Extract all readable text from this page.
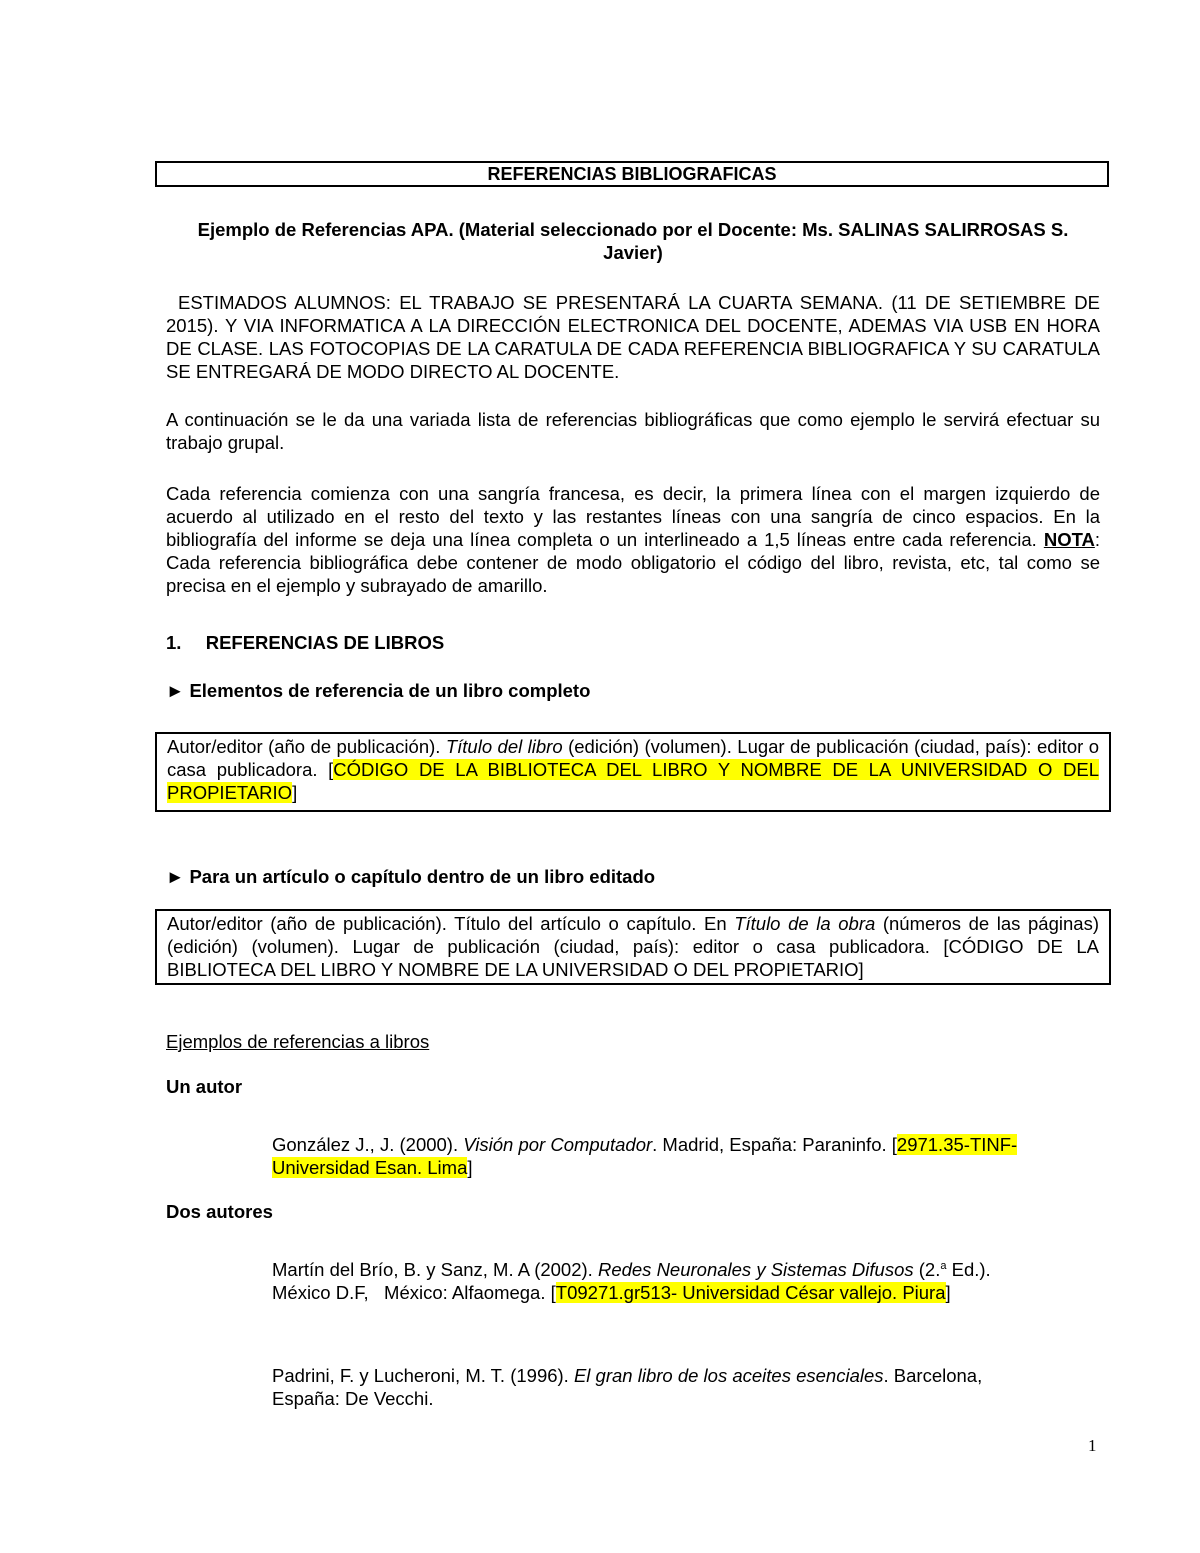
REFERENCIAS BIBLIOGRAFICAS
Ejemplo de Referencias APA. (Material seleccionado por el Docente: Ms. SALINAS SALIRROSAS S. Javier)
ESTIMADOS ALUMNOS: EL TRABAJO SE PRESENTARÁ LA CUARTA SEMANA. (11 DE SETIEMBRE DE 2015). Y VIA INFORMATICA A LA DIRECCIÓN ELECTRONICA DEL DOCENTE, ADEMAS VIA USB EN HORA DE CLASE. LAS FOTOCOPIAS DE LA CARATULA DE CADA REFERENCIA BIBLIOGRAFICA Y SU CARATULA SE ENTREGARÁ DE MODO DIRECTO AL DOCENTE.
A continuación se le da una variada lista de referencias bibliográficas que como ejemplo le servirá efectuar su trabajo grupal.
Cada referencia comienza con una sangría francesa, es decir, la primera línea con el margen izquierdo de acuerdo al utilizado en el resto del texto y las restantes líneas con una sangría de cinco espacios. En la bibliografía del informe se deja una línea completa o un interlineado a 1,5 líneas entre cada referencia. NOTA: Cada referencia bibliográfica debe contener de modo obligatorio el código del libro, revista, etc, tal como se precisa en el ejemplo y subrayado de amarillo.
1. REFERENCIAS DE LIBROS
► Elementos de referencia de un libro completo
Autor/editor (año de publicación). Título del libro (edición) (volumen). Lugar de publicación (ciudad, país): editor o casa publicadora. [CÓDIGO DE LA BIBLIOTECA DEL LIBRO Y NOMBRE DE LA UNIVERSIDAD O DEL PROPIETARIO]
► Para un artículo o capítulo dentro de un libro editado
Autor/editor (año de publicación). Título del artículo o capítulo. En Título de la obra (números de las páginas) (edición) (volumen). Lugar de publicación (ciudad, país): editor o casa publicadora. [CÓDIGO DE LA BIBLIOTECA DEL LIBRO Y NOMBRE DE LA UNIVERSIDAD O DEL PROPIETARIO]
Ejemplos de referencias a libros
Un autor
González J., J. (2000). Visión por Computador. Madrid, España: Paraninfo. [2971.35-TINF-
Universidad Esan. Lima]
Dos autores
Martín del Brío, B. y Sanz, M. A (2002). Redes Neuronales y Sistemas Difusos (2.$^a$ Ed.).
México D.F,   México: Alfaomega. [T09271.gr513- Universidad César vallejo. Piura]
Padrini, F. y Lucheroni, M. T. (1996). El gran libro de los aceites esenciales. Barcelona,
España: De Vecchi.
1
